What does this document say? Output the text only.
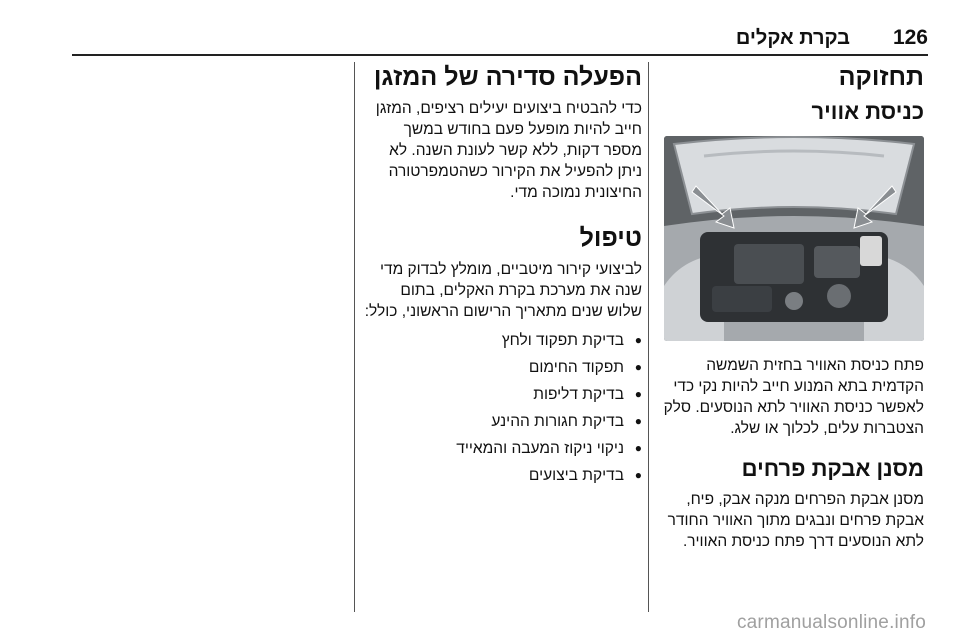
126
בקרת אקלים
תחזוקה
כניסת אוויר

פתח כניסת האוויר בחזית השמשה הקדמית בתא המנוע חייב להיות נקי כדי לאפשר כניסת האוויר לתא הנוסעים. סלק הצטברות עלים, לכלוך או שלג.

מסנן אבקת פרחים

מסנן אבקת הפרחים מנקה אבק, פיח, אבקת פרחים ונבגים מתוך האוויר החודר לתא הנוסעים דרך פתח כניסת האוויר.

הפעלה סדירה של המזגן

כדי להבטיח ביצועים יעילים רציפים, המזגן חייב להיות מופעל פעם בחודש במשך מספר דקות, ללא קשר לעונת השנה. לא ניתן להפעיל את הקירור כשהטמפרטורה החיצונית נמוכה מדי.

טיפול

לביצועי קירור מיטביים, מומלץ לבדוק מדי שנה את מערכת בקרת האקלים, בתום שלוש שנים מתאריך הרישום הראשוני, כולל:

●
בדיקת תפקוד ולחץ
●
תפקוד החימום
●
בדיקת דליפות
●
בדיקת חגורות ההינע
●
ניקוי ניקוז המעבה והמאייד
●
בדיקת ביצועים
carmanualsonline.info
